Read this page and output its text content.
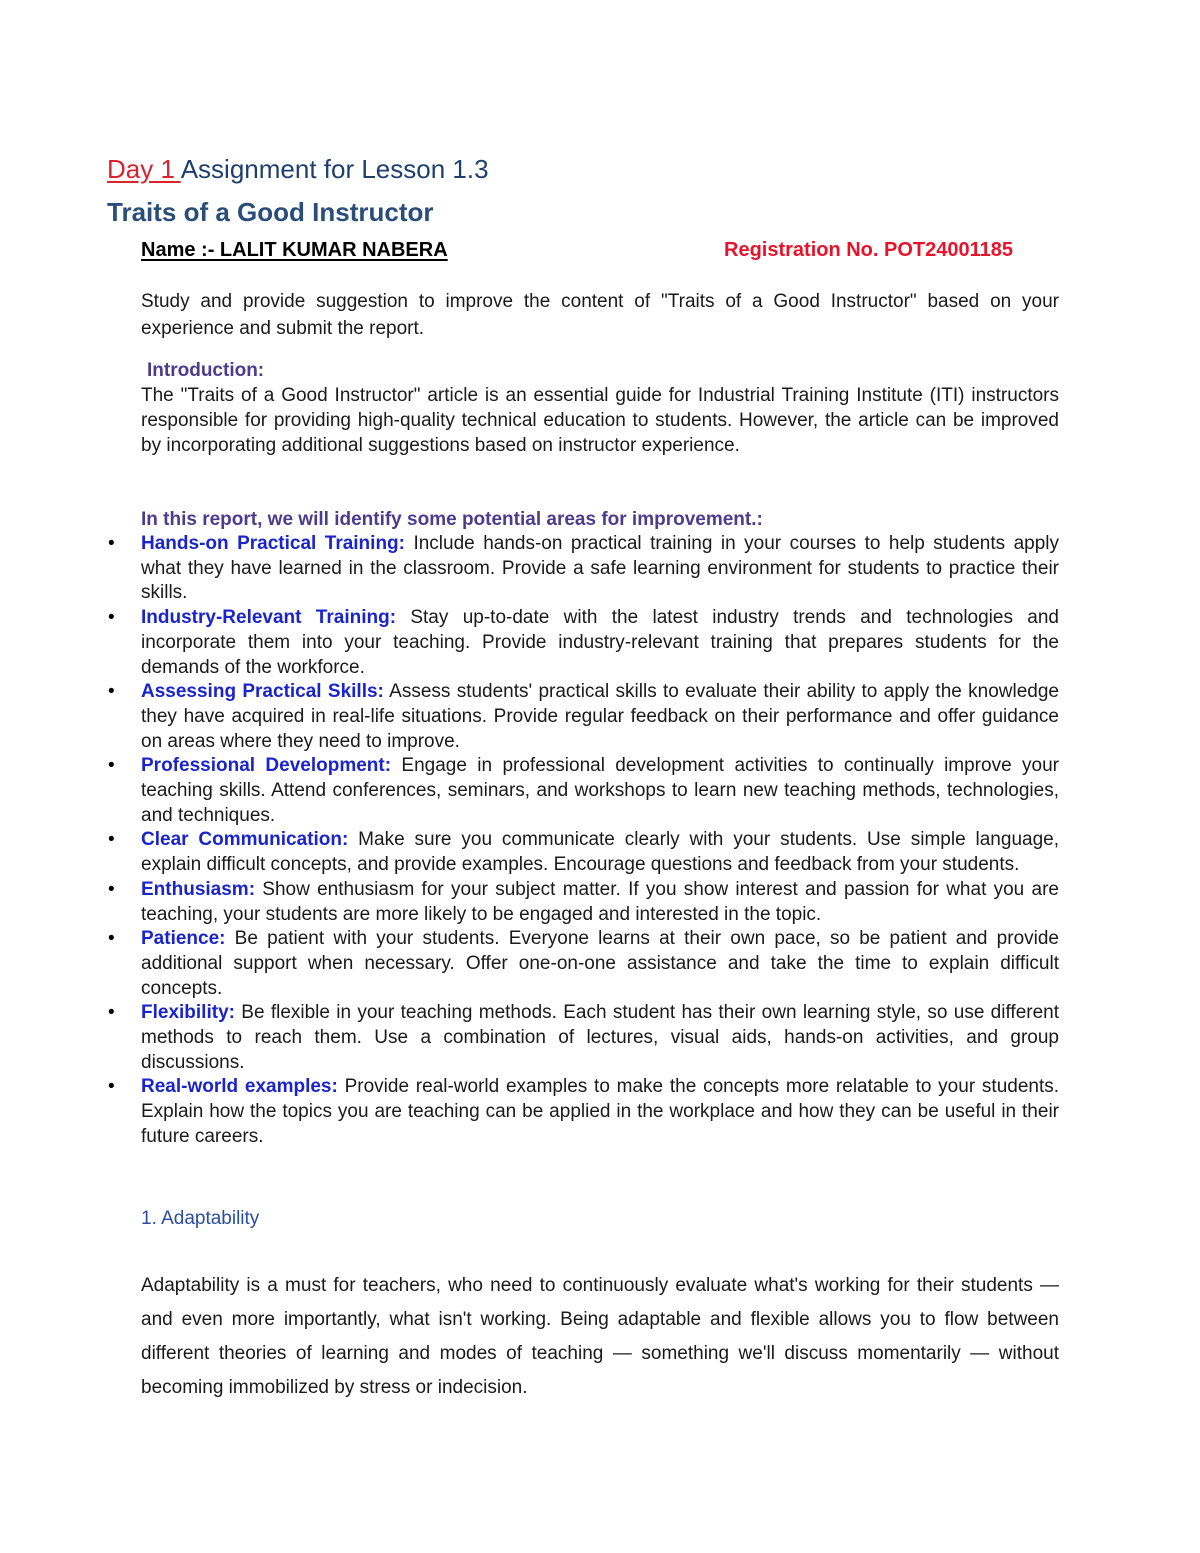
Day 1 Assignment for Lesson 1.3
Traits of a Good Instructor
Name :- LALIT KUMAR NABERA	Registration No. POT24001185
Study and provide suggestion to improve the content of "Traits of a Good Instructor" based on your experience and submit the report.
Introduction:
The "Traits of a Good Instructor" article is an essential guide for Industrial Training Institute (ITI) instructors responsible for providing high-quality technical education to students. However, the article can be improved by incorporating additional suggestions based on instructor experience.
In this report, we will identify some potential areas for improvement.:
• Hands-on Practical Training: Include hands-on practical training in your courses to help students apply what they have learned in the classroom. Provide a safe learning environment for students to practice their skills.
• Industry-Relevant Training: Stay up-to-date with the latest industry trends and technologies and incorporate them into your teaching. Provide industry-relevant training that prepares students for the demands of the workforce.
• Assessing Practical Skills: Assess students' practical skills to evaluate their ability to apply the knowledge they have acquired in real-life situations. Provide regular feedback on their performance and offer guidance on areas where they need to improve.
• Professional Development: Engage in professional development activities to continually improve your teaching skills. Attend conferences, seminars, and workshops to learn new teaching methods, technologies, and techniques.
• Clear Communication: Make sure you communicate clearly with your students. Use simple language, explain difficult concepts, and provide examples. Encourage questions and feedback from your students.
• Enthusiasm: Show enthusiasm for your subject matter. If you show interest and passion for what you are teaching, your students are more likely to be engaged and interested in the topic.
• Patience: Be patient with your students. Everyone learns at their own pace, so be patient and provide additional support when necessary. Offer one-on-one assistance and take the time to explain difficult concepts.
• Flexibility: Be flexible in your teaching methods. Each student has their own learning style, so use different methods to reach them. Use a combination of lectures, visual aids, hands-on activities, and group discussions.
• Real-world examples: Provide real-world examples to make the concepts more relatable to your students. Explain how the topics you are teaching can be applied in the workplace and how they can be useful in their future careers.
1. Adaptability
Adaptability is a must for teachers, who need to continuously evaluate what's working for their students — and even more importantly, what isn't working. Being adaptable and flexible allows you to flow between different theories of learning and modes of teaching — something we'll discuss momentarily — without becoming immobilized by stress or indecision.
